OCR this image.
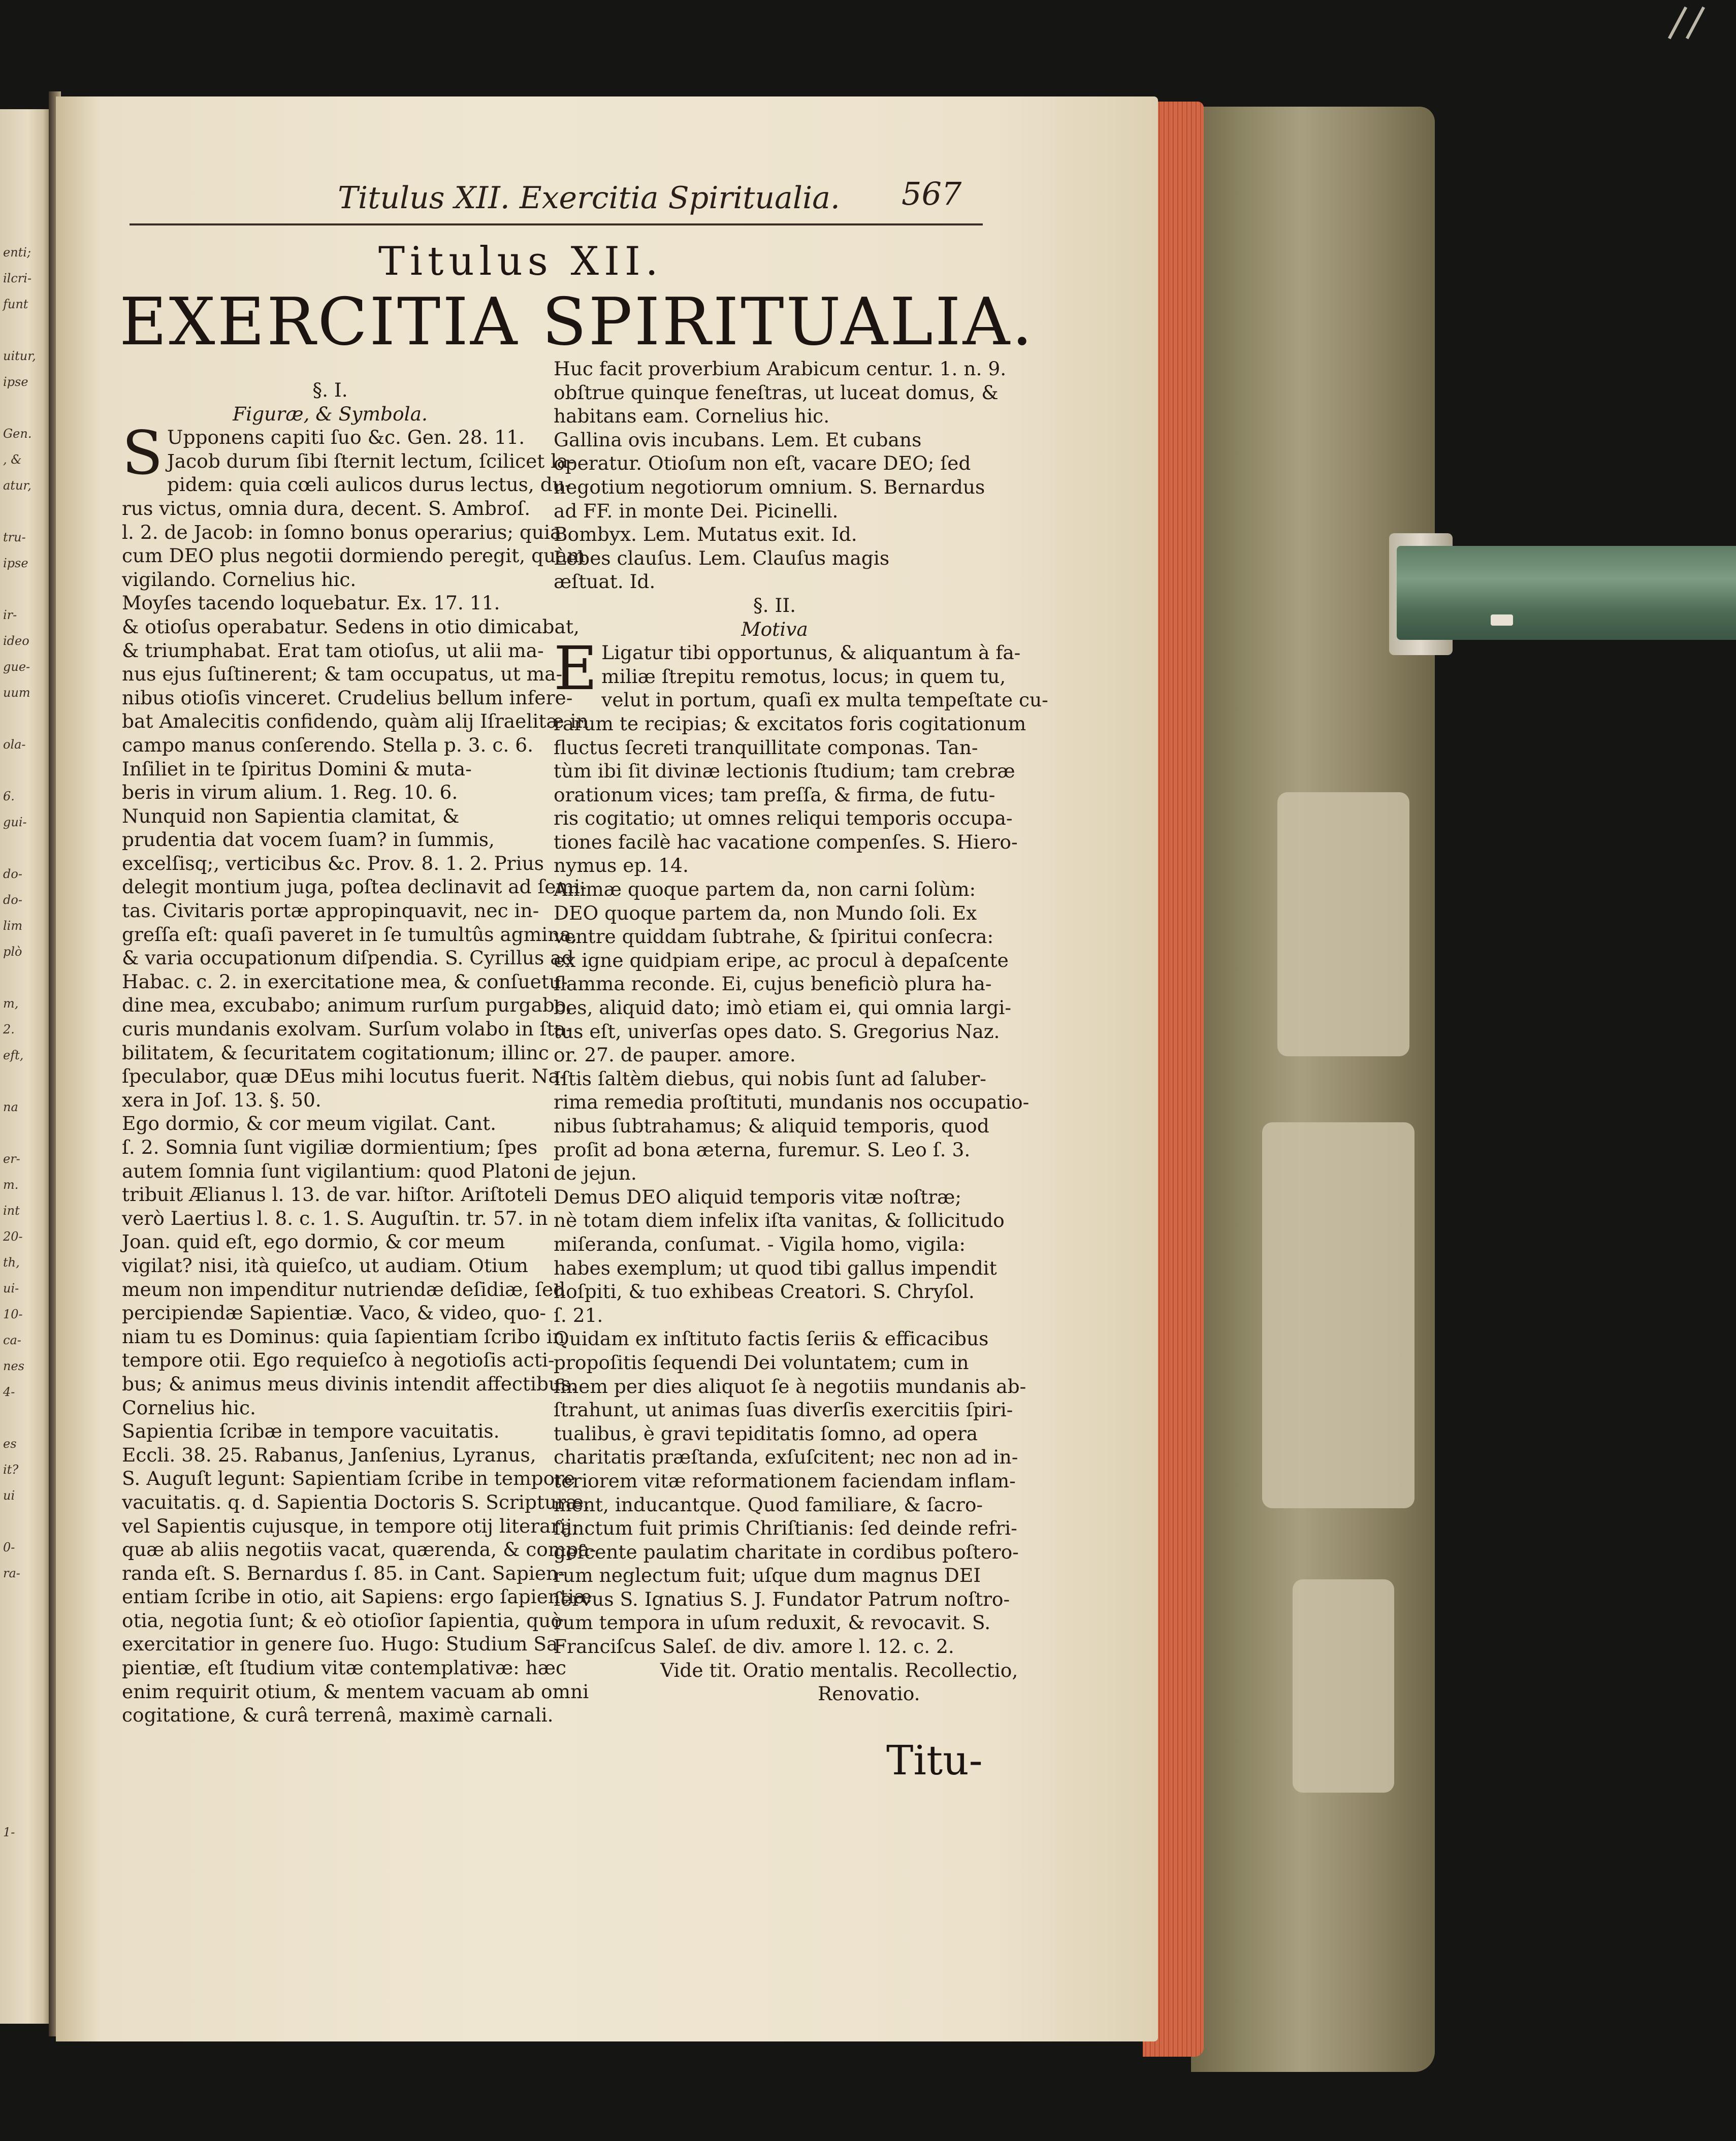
enti;
ilcri-
funt
uitur,
ipse
Gen.
, &
atur,
tru-
ipse
ir-
ideo
gue-
uum
ola-
6.
gui-
do-
do-
lim
plò
m,
2.
eft,
na
er-
m.
int
20-
th,
ui-
10-
ca-
nes
4-
es
it?
ui
0-
ra-
1-
Titulus XII. Exercitia Spiritualia. 567
Titulus XII.
EXERCITIA SPIRITUALIA.
§. I.
Figuræ, & Symbola.
S Upponens capiti ſuo &c. Gen. 28. 11.
Jacob durum ſibi ſternit lectum, ſcilicet la-
pidem: quia cœli aulicos durus lectus, du-
rus victus, omnia dura, decent. S. Ambroſ.
l. 2. de Jacob: in ſomno bonus operarius; quia
cum DEO plus negotii dormiendo peregit, quàm
vigilando. Cornelius hic.
Moyſes tacendo loquebatur. Ex. 17. 11.
& otioſus operabatur. Sedens in otio dimicabat,
& triumphabat. Erat tam otioſus, ut alii ma-
nus ejus ſuſtinerent; & tam occupatus, ut ma-
nibus otioſis vinceret. Crudelius bellum infere-
bat Amalecitis confidendo, quàm alij Iſraelitæ in
campo manus conſerendo. Stella p. 3. c. 6.
Inſiliet in te ſpiritus Domini & muta-
beris in virum alium. 1. Reg. 10. 6.
Nunquid non Sapientia clamitat, &
prudentia dat vocem ſuam? in ſummis,
excelſisq;, verticibus &c. Prov. 8. 1. 2. Prius
delegit montium juga, poſtea declinavit ad ſemi-
tas. Civitaris portæ appropinquavit, nec in-
greſſa eſt: quaſi paveret in ſe tumultûs agmina,
& varia occupationum diſpendia. S. Cyrillus ad
Habac. c. 2. in exercitatione mea, & conſuetu-
dine mea, excubabo; animum rurſum purgabo,
curis mundanis exolvam. Surſum volabo in ſta-
bilitatem, & ſecuritatem cogitationum; illinc
ſpeculabor, quæ DEus mihi locutus fuerit. Na-
xera in Joſ. 13. §. 50.
Ego dormio, & cor meum vigilat. Cant.
ſ. 2. Somnia ſunt vigiliæ dormientium; ſpes
autem ſomnia ſunt vigilantium: quod Platoni
tribuit Ælianus l. 13. de var. hiſtor. Ariſtoteli
verò Laertius l. 8. c. 1. S. Auguſtin. tr. 57. in
Joan. quid eſt, ego dormio, & cor meum
vigilat? nisi, ità quieſco, ut audiam. Otium
meum non impenditur nutriendæ deſidiæ, ſed
percipiendæ Sapientiæ. Vaco, & video, quo-
niam tu es Dominus: quia ſapientiam ſcribo in
tempore otii. Ego requieſco à negotioſis acti-
bus; & animus meus divinis intendit affectibus.
Cornelius hic.
Sapientia ſcribæ in tempore vacuitatis.
Eccli. 38. 25. Rabanus, Janſenius, Lyranus,
S. Auguſt legunt: Sapientiam ſcribe in tempore
vacuitatis. q. d. Sapientia Doctoris S. Scripturæ,
vel Sapientis cujusque, in tempore otij literarij;
quæ ab aliis negotiis vacat, quærenda, & compa-
randa eſt. S. Bernardus ſ. 85. in Cant. Sapien-
entiam ſcribe in otio, ait Sapiens: ergo ſapientiæ
otia, negotia ſunt; & eò otioſior ſapientia, quò
exercitatior in genere ſuo. Hugo: Studium Sa-
pientiæ, eſt ſtudium vitæ contemplativæ: hæc
enim requirit otium, & mentem vacuam ab omni
cogitatione, & curâ terrenâ, maximè carnali.
Huc facit proverbium Arabicum centur. 1. n. 9.
obſtrue quinque feneſtras, ut luceat domus, &
habitans eam. Cornelius hic.
Gallina ovis incubans. Lem. Et cubans
operatur. Otioſum non eſt, vacare DEO; ſed
negotium negotiorum omnium. S. Bernardus
ad FF. in monte Dei. Picinelli.
Bombyx. Lem. Mutatus exit. Id.
Lebes clauſus. Lem. Clauſus magis
æſtuat. Id.
§. II.
Motiva
E Ligatur tibi opportunus, & aliquantum à fa-
miliæ ſtrepitu remotus, locus; in quem tu,
velut in portum, quaſi ex multa tempeſtate cu-
rarum te recipias; & excitatos foris cogitationum
fluctus ſecreti tranquillitate componas. Tan-
tùm ibi ſit divinæ lectionis ſtudium; tam crebræ
orationum vices; tam preſſa, & firma, de futu-
ris cogitatio; ut omnes reliqui temporis occupa-
tiones facilè hac vacatione compenſes. S. Hiero-
nymus ep. 14.
Animæ quoque partem da, non carni ſolùm:
DEO quoque partem da, non Mundo ſoli. Ex
ventre quiddam ſubtrahe, & ſpiritui conſecra:
ex igne quidpiam eripe, ac procul à depaſcente
flamma reconde. Ei, cujus beneficiò plura ha-
bes, aliquid dato; imò etiam ei, qui omnia largi-
tus eſt, univerſas opes dato. S. Gregorius Naz.
or. 27. de pauper. amore.
Iſtis ſaltèm diebus, qui nobis ſunt ad ſaluber-
rima remedia proſtituti, mundanis nos occupatio-
nibus ſubtrahamus; & aliquid temporis, quod
proſit ad bona æterna, furemur. S. Leo ſ. 3.
de jejun.
Demus DEO aliquid temporis vitæ noſtræ;
nè totam diem infelix iſta vanitas, & ſollicitudo
miſeranda, conſumat. - Vigila homo, vigila:
habes exemplum; ut quod tibi gallus impendit
hoſpiti, & tuo exhibeas Creatori. S. Chryſol.
ſ. 21.
Quidam ex inſtituto factis ſeriis & efficacibus
propoſitis ſequendi Dei voluntatem; cum in
finem per dies aliquot ſe à negotiis mundanis ab-
ſtrahunt, ut animas ſuas diverſis exercitiis ſpiri-
tualibus, è gravi tepiditatis ſomno, ad opera
charitatis præſtanda, exſuſcitent; nec non ad in-
teriorem vitæ reformationem faciendam inflam-
ment, inducantque. Quod familiare, & ſacro-
ſanctum fuit primis Chriſtianis: ſed deinde refri-
geſcente paulatim charitate in cordibus poſtero-
rum neglectum fuit; uſque dum magnus DEI
ſervus S. Ignatius S. J. Fundator Patrum noſtro-
rum tempora in uſum reduxit, & revocavit. S.
Franciſcus Saleſ. de div. amore l. 12. c. 2.
Vide tit. Oratio mentalis. Recollectio,
Renovatio.
Titu-
